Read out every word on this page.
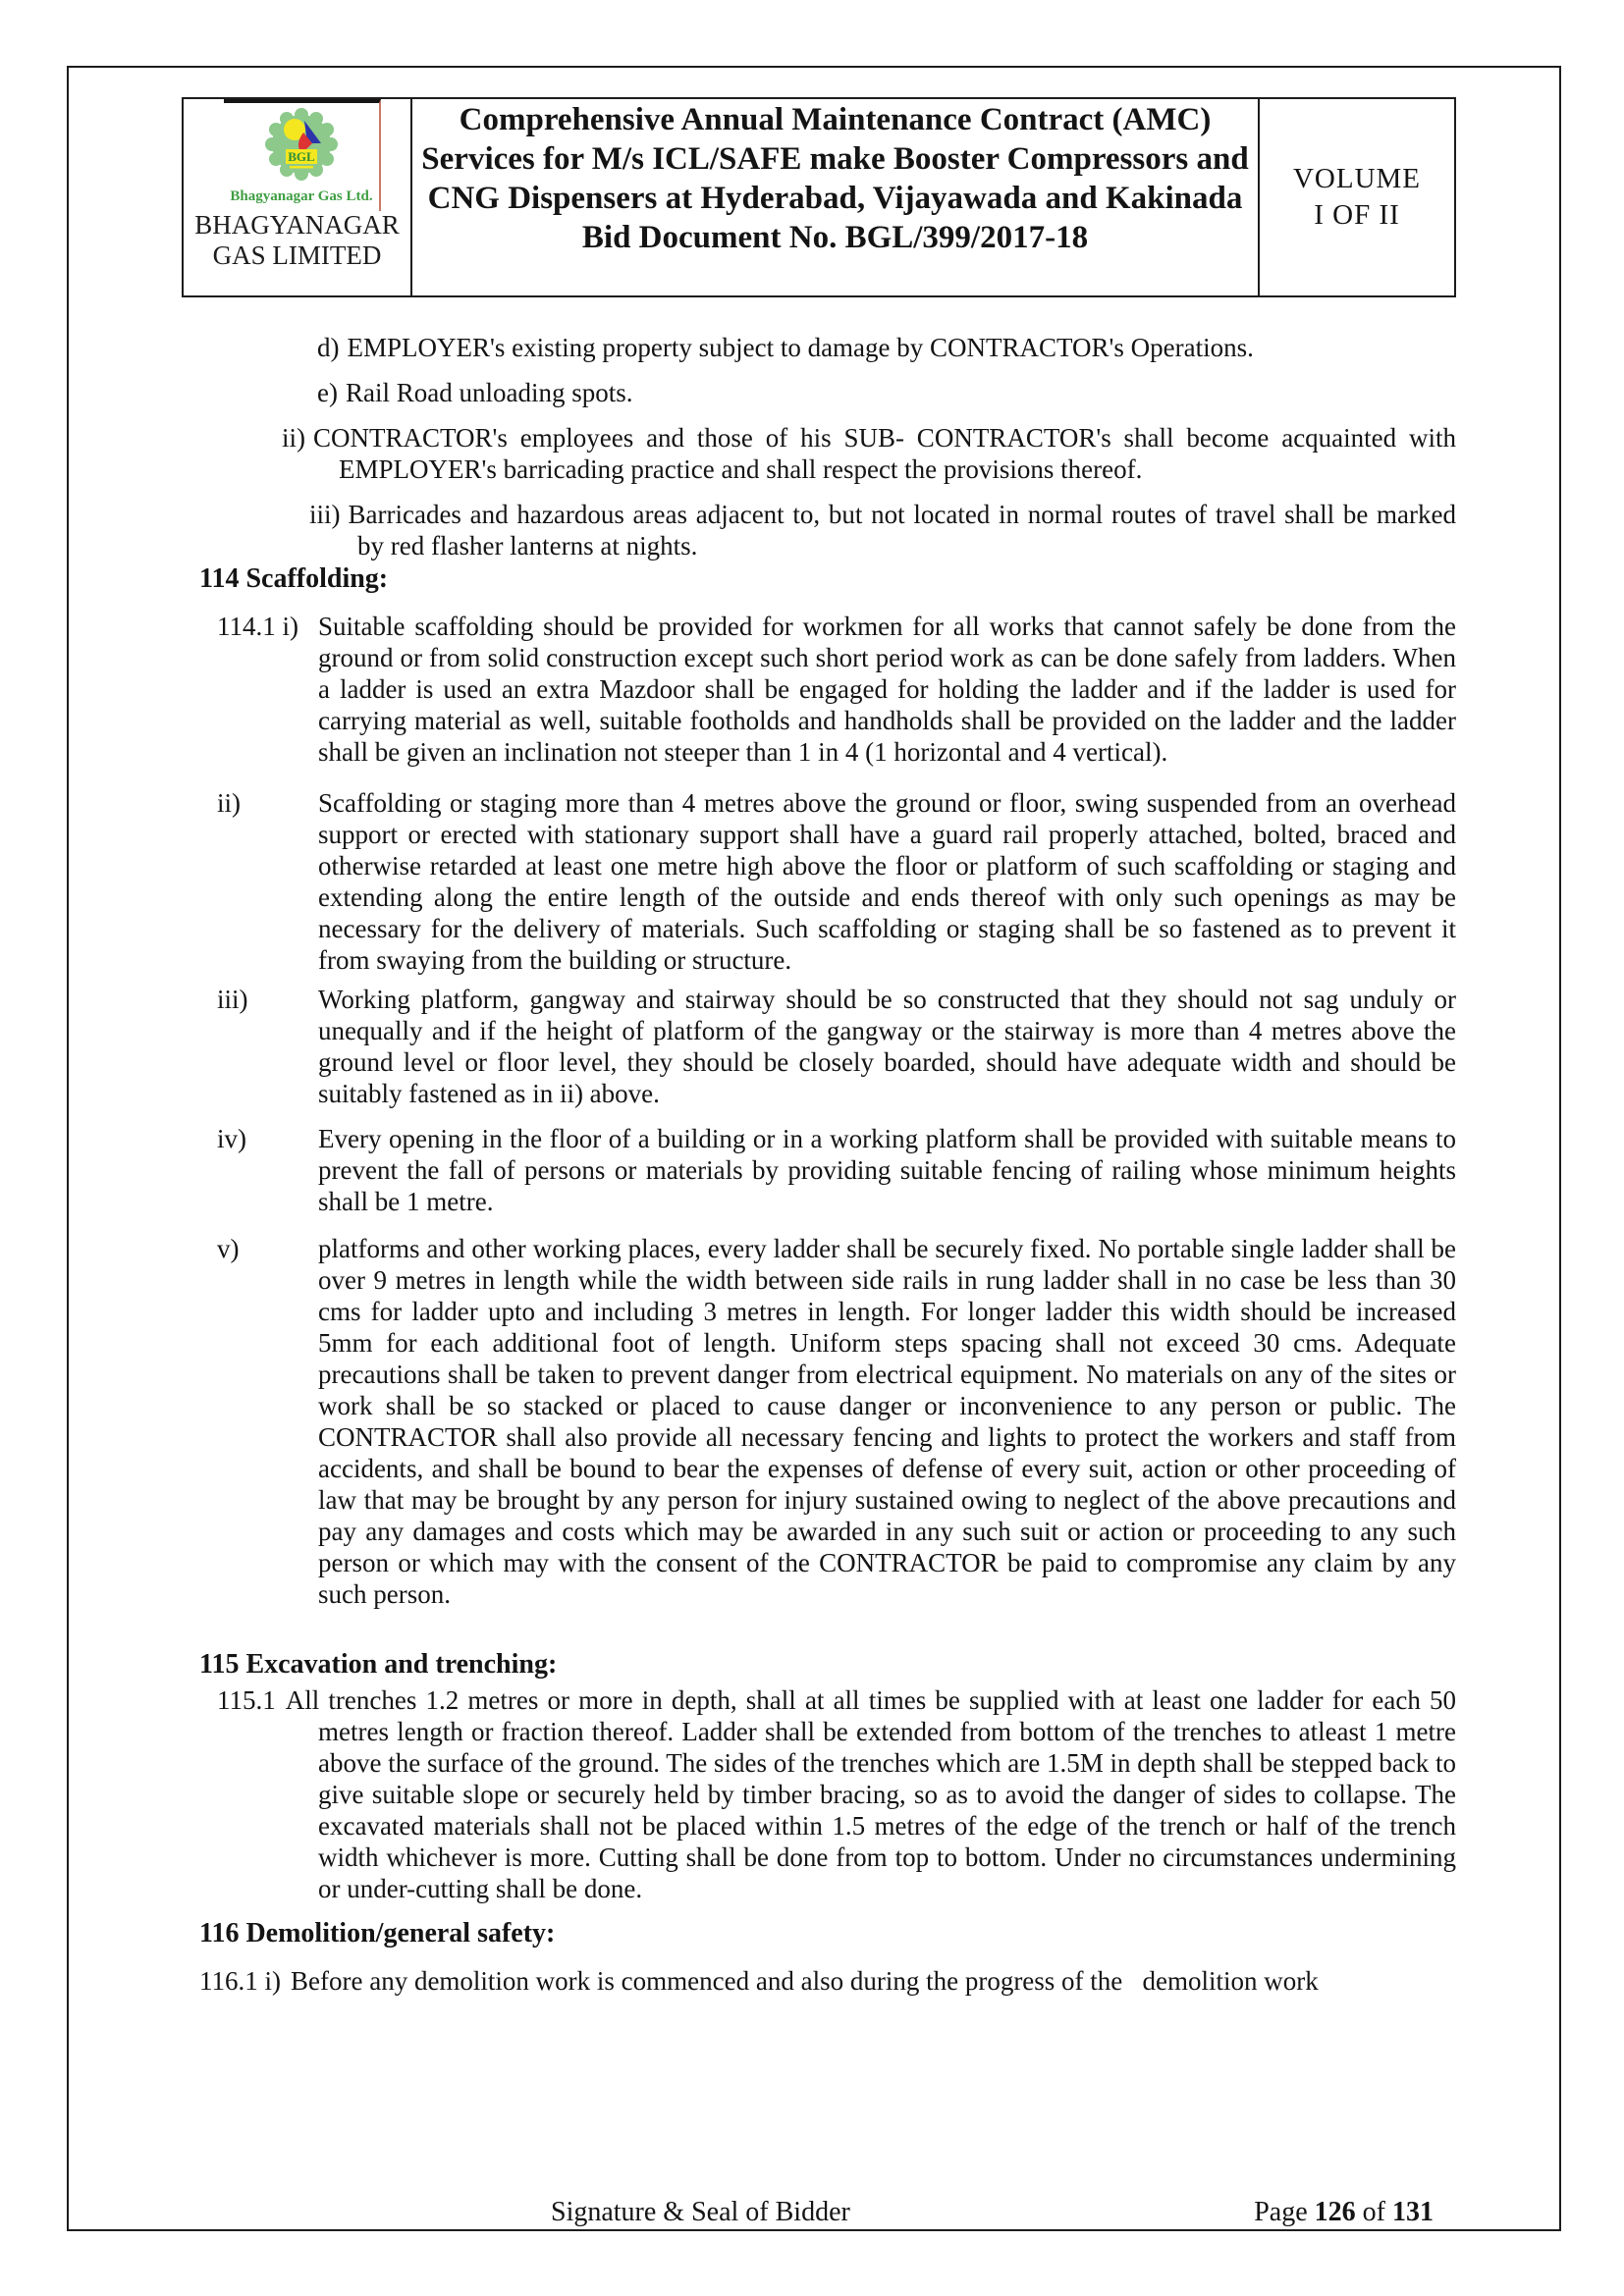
BGL
Bhagyanagar Gas Ltd.
BHAGYANAGAR
GAS LIMITED
Comprehensive Annual Maintenance Contract (AMC) Services for M/s ICL/SAFE make Booster Compressors and CNG Dispensers at Hyderabad, Vijayawada and Kakinada
Bid Document No. BGL/399/2017-18
VOLUME
I OF II
d) EMPLOYER's existing property subject to damage by CONTRACTOR's Operations.
e) Rail Road unloading spots.
ii) CONTRACTOR's employees and those of his SUB- CONTRACTOR's shall become acquainted with EMPLOYER's barricading practice and shall respect the provisions thereof.
iii) Barricades and hazardous areas adjacent to, but not located in normal routes of travel shall be marked by red flasher lanterns at nights.
114 Scaffolding:
114.1 i) Suitable scaffolding should be provided for workmen for all works that cannot safely be done from the ground or from solid construction except such short period work as can be done safely from ladders. When a ladder is used an extra Mazdoor shall be engaged for holding the ladder and if the ladder is used for carrying material as well, suitable footholds and handholds shall be provided on the ladder and the ladder shall be given an inclination not steeper than 1 in 4 (1 horizontal and 4 vertical).
ii)	Scaffolding or staging more than 4 metres above the ground or floor, swing suspended from an overhead support or erected with stationary support shall have a guard rail properly attached, bolted, braced and otherwise retarded at least one metre high above the floor or platform of such scaffolding or staging and extending along the entire length of the outside and ends thereof with only such openings as may be necessary for the delivery of materials. Such scaffolding or staging shall be so fastened as to prevent it from swaying from the building or structure.
iii)	Working platform, gangway and stairway should be so constructed that they should not sag unduly or unequally and if the height of platform of the gangway or the stairway is more than 4 metres above the ground level or floor level, they should be closely boarded, should have adequate width and should be suitably fastened as in ii) above.
iv)	Every opening in the floor of a building or in a working platform shall be provided with suitable means to prevent the fall of persons or materials by providing suitable fencing of railing whose minimum heights shall be 1 metre.
v)	platforms and other working places, every ladder shall be securely fixed. No portable single ladder shall be over 9 metres in length while the width between side rails in rung ladder shall in no case be less than 30 cms for ladder upto and including 3 metres in length. For longer ladder this width should be increased 5mm for each additional foot of length. Uniform steps spacing shall not exceed 30 cms. Adequate precautions shall be taken to prevent danger from electrical equipment. No materials on any of the sites or work shall be so stacked or placed to cause danger or inconvenience to any person or public. The CONTRACTOR shall also provide all necessary fencing and lights to protect the workers and staff from accidents, and shall be bound to bear the expenses of defense of every suit, action or other proceeding of law that may be brought by any person for injury sustained owing to neglect of the above precautions and pay any damages and costs which may be awarded in any such suit or action or proceeding to any such person or which may with the consent of the CONTRACTOR be paid to compromise any claim by any such person.
115 Excavation and trenching:
115.1 All trenches 1.2 metres or more in depth, shall at all times be supplied with at least one ladder for each 50 metres length or fraction thereof. Ladder shall be extended from bottom of the trenches to atleast 1 metre above the surface of the ground. The sides of the trenches which are 1.5M in depth shall be stepped back to give suitable slope or securely held by timber bracing, so as to avoid the danger of sides to collapse. The excavated materials shall not be placed within 1.5 metres of the edge of the trench or half of the trench width whichever is more. Cutting shall be done from top to bottom. Under no circumstances undermining or under-cutting shall be done.
116 Demolition/general safety:
116.1 i) Before any demolition work is commenced and also during the progress of the   demolition work
Signature & Seal of Bidder	Page 126 of 131
